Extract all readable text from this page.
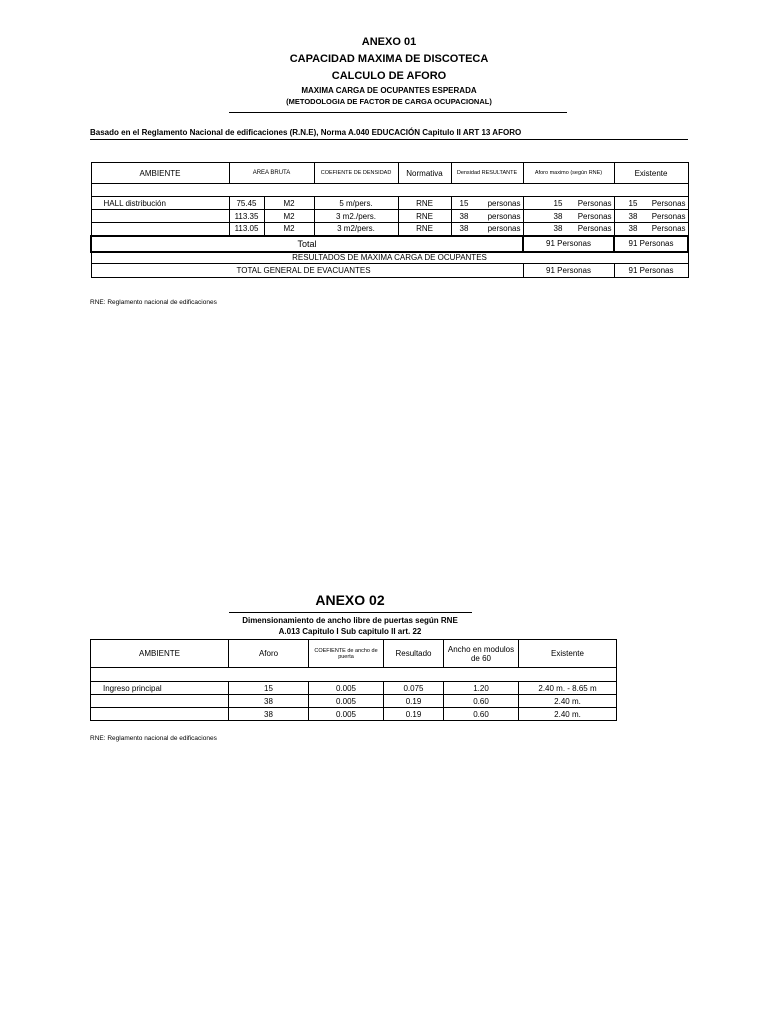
ANEXO 01
CAPACIDAD MAXIMA DE DISCOTECA
CALCULO DE AFORO
MAXIMA CARGA DE OCUPANTES ESPERADA
(METODOLOGIA DE FACTOR DE CARGA OCUPACIONAL)
Basado en el Reglamento Nacional de edificaciones (R.N.E), Norma A.040 EDUCACIÓN Capitulo II ART 13 AFORO
AMBIENTE	AREA BRUTA		COEFIENTE DE DENSIDAD	Normativa	Densidad RESULTANTE	Aforo maximo (según RNE)	Existente

HALL distribución	75.45	M2	5 m/pers.	RNE	15 personas	15 Personas	15 Personas

	113.35	M2	3 m2./pers.	RNE	38 personas	38 Personas	38 Personas

	113.05	M2	3 m2/pers.	RNE	38 personas	38 Personas	38 Personas

Total						91 Personas	91 Personas
RESULTADOS DE MAXIMA CARGA DE OCUPANTES							
TOTAL GENERAL DE EVACUANTES						91 Personas	91 Personas
RNE: Reglamento nacional de edificaciones
ANEXO 02
Dimensionamiento de ancho libre de puertas según RNE
A.013 Capitulo I Sub capitulo II art. 22
AMBIENTE	Aforo	COEFIENTE de ancho de puerta	Resultado	Ancho en modulos de 60	Existente

Ingreso principal	15	0.005	0.075	1.20	2.40 m. - 8.65 m
	38	0.005	0.19	0.60	2.40 m.
	38	0.005	0.19	0.60	2.40 m.
RNE: Reglamento nacional de edificaciones
